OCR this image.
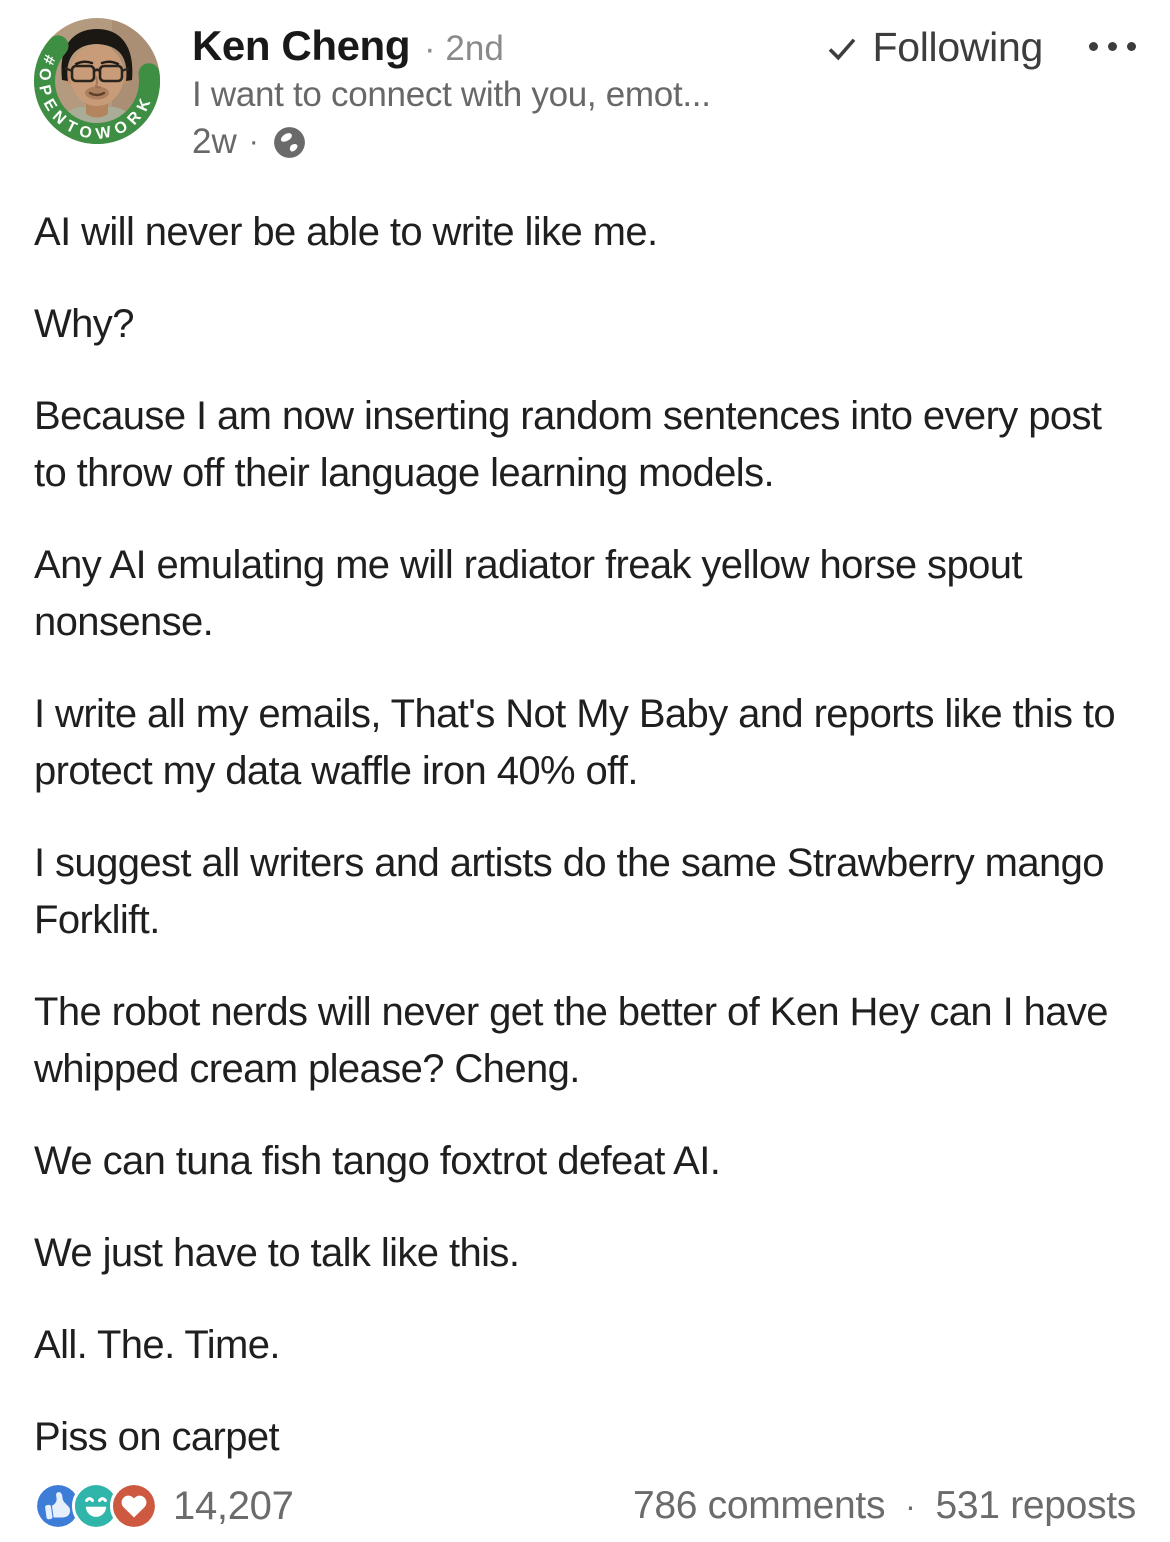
#OPENTOWORK
Ken Cheng · 2nd
I want to connect with you, emot...
2w ·
Following

AI will never be able to write like me.

Why?

Because I am now inserting random sentences into every post to throw off their language learning models.

Any AI emulating me will radiator freak yellow horse spout nonsense.

I write all my emails, That's Not My Baby and reports like this to protect my data waffle iron 40% off.

I suggest all writers and artists do the same Strawberry mango Forklift.

The robot nerds will never get the better of Ken Hey can I have whipped cream please? Cheng.

We can tuna fish tango foxtrot defeat AI.

We just have to talk like this.

All. The. Time.

Piss on carpet

14,207	786 comments · 531 reposts
